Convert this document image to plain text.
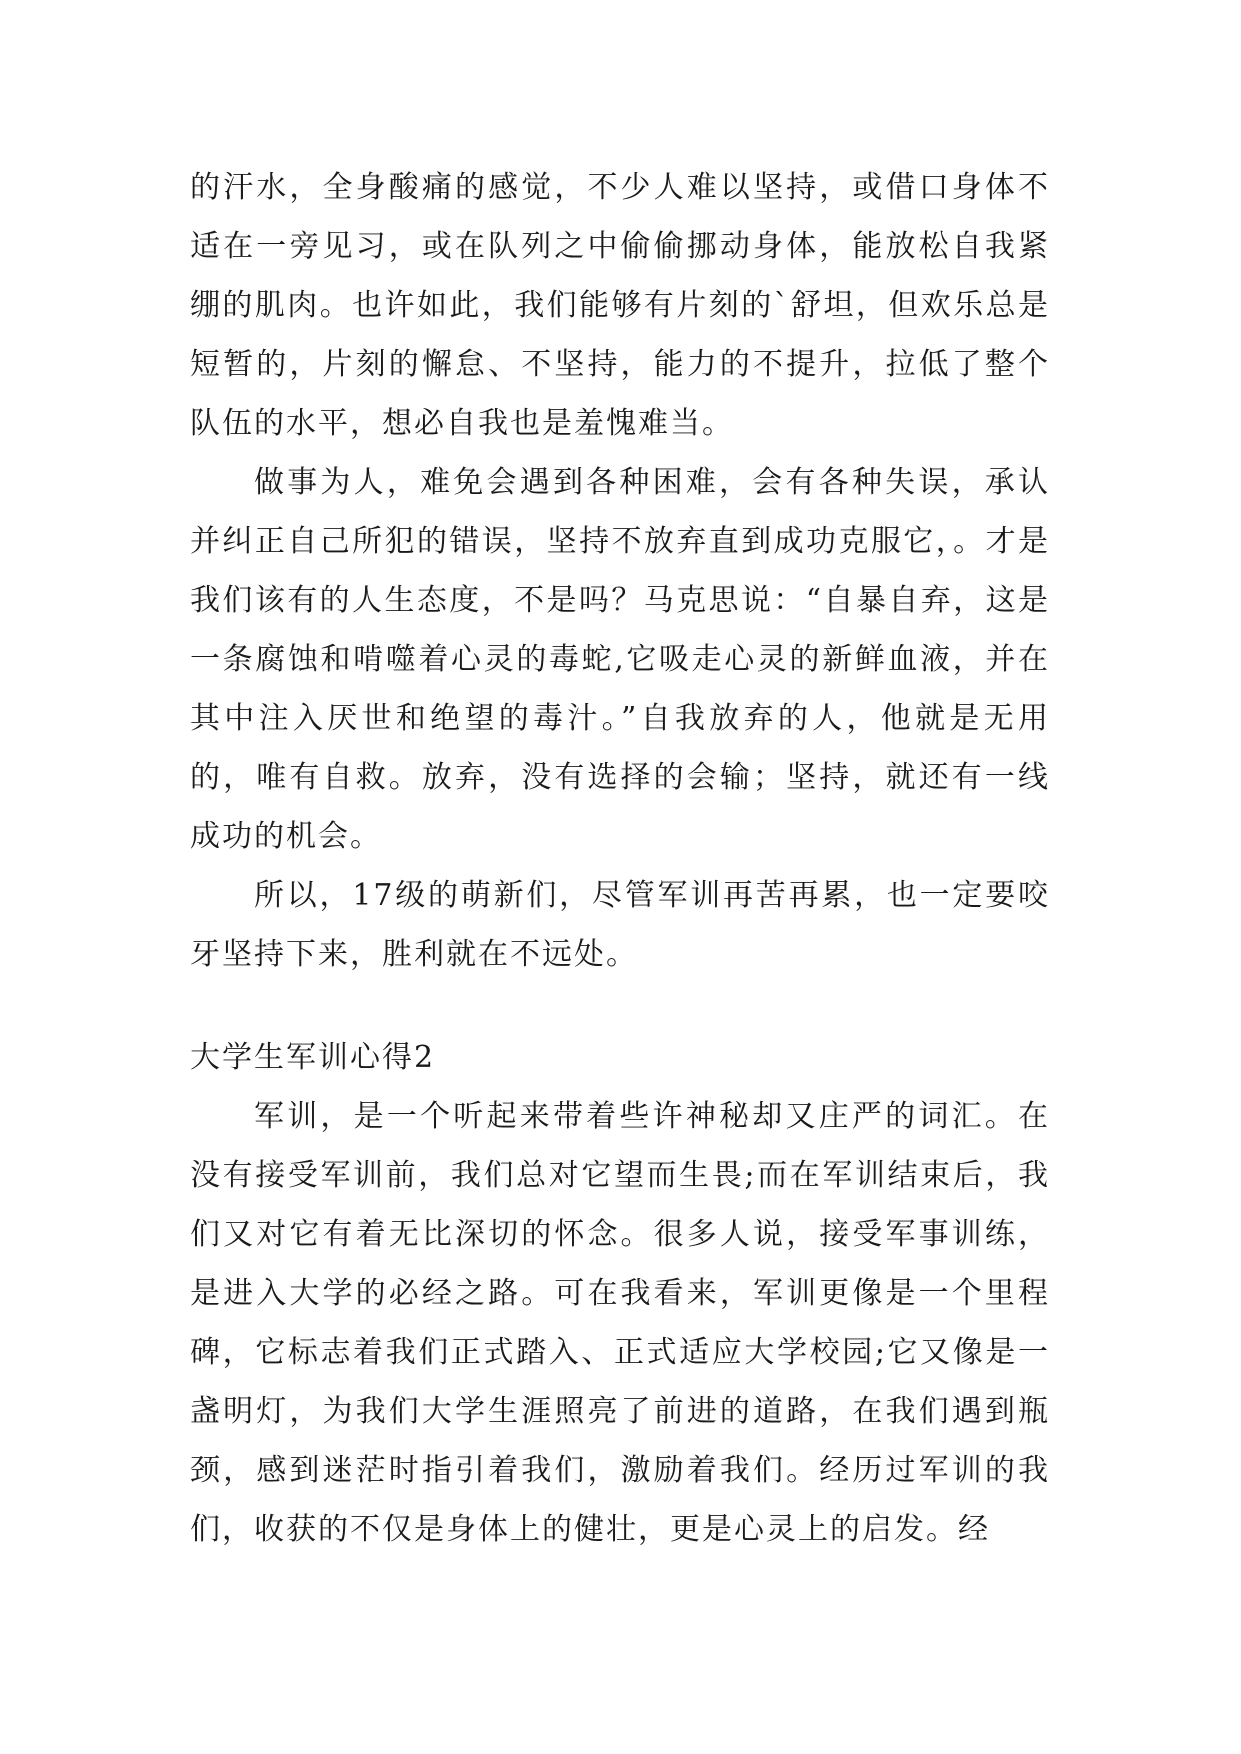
的汗水，全身酸痛的感觉，不少人难以坚持，或借口身体不适在一旁见习，或在队列之中偷偷挪动身体，能放松自我紧绷的肌肉。也许如此，我们能够有片刻的`舒坦，但欢乐总是短暂的，片刻的懈怠、不坚持，能力的不提升，拉低了整个队伍的水平，想必自我也是羞愧难当。

做事为人，难免会遇到各种困难，会有各种失误，承认并纠正自己所犯的错误，坚持不放弃直到成功克服它，。才是我们该有的人生态度，不是吗？马克思说：“自暴自弃，这是一条腐蚀和啃噬着心灵的毒蛇,它吸走心灵的新鲜血液，并在其中注入厌世和绝望的毒汁。”自我放弃的人，他就是无用的，唯有自救。放弃，没有选择的会输；坚持，就还有一线成功的机会。

所以，17级的萌新们，尽管军训再苦再累，也一定要咬牙坚持下来，胜利就在不远处。

大学生军训心得2

军训，是一个听起来带着些许神秘却又庄严的词汇。在没有接受军训前，我们总对它望而生畏;而在军训结束后，我们又对它有着无比深切的怀念。很多人说，接受军事训练，是进入大学的必经之路。可在我看来，军训更像是一个里程碑，它标志着我们正式踏入、正式适应大学校园;它又像是一盏明灯，为我们大学生涯照亮了前进的道路，在我们遇到瓶颈，感到迷茫时指引着我们，激励着我们。经历过军训的我们，收获的不仅是身体上的健壮，更是心灵上的启发。经
